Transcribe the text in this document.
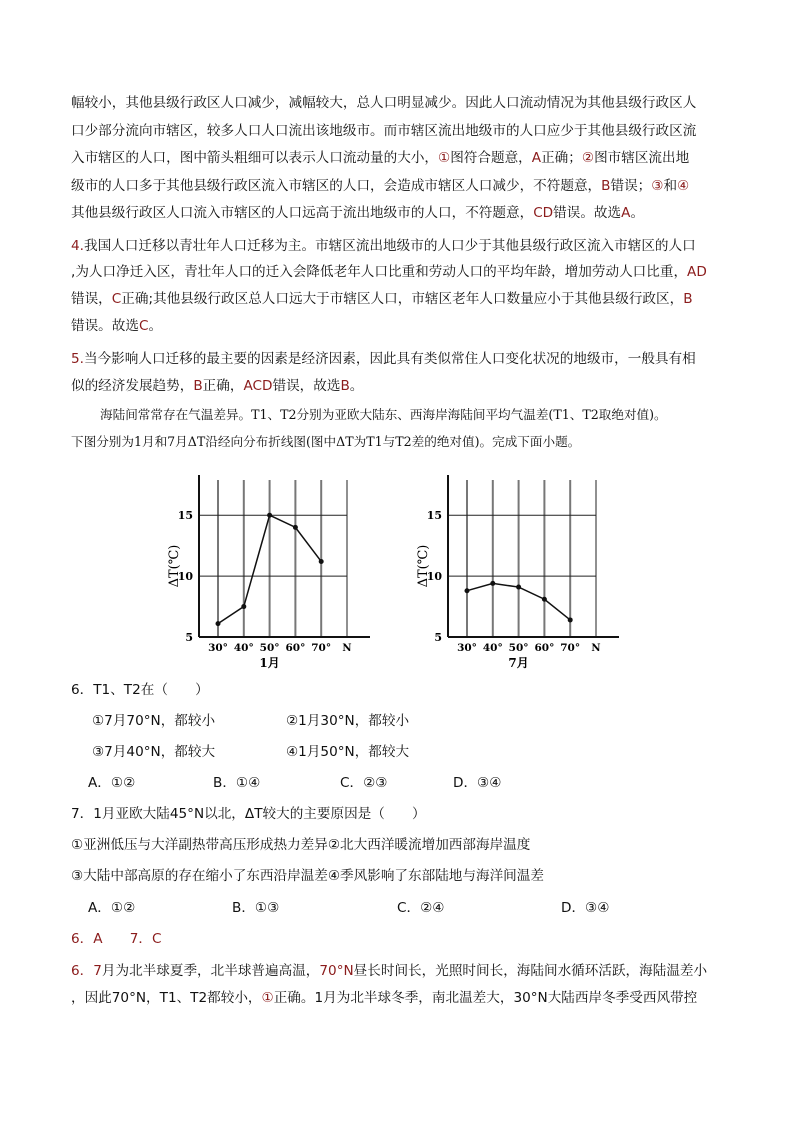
幅较小，其他县级行政区人口减少，减幅较大，总人口明显减少。因此人口流动情况为其他县级行政区人
口少部分流向市辖区，较多人口人口流出该地级市。而市辖区流出地级市的人口应少于其他县级行政区流
入市辖区的人口，图中箭头粗细可以表示人口流动量的大小，①图符合题意，A正确；②图市辖区流出地
级市的人口多于其他县级行政区流入市辖区的人口，会造成市辖区人口减少，不符题意，B错误；③和④
其他县级行政区人口流入市辖区的人口远高于流出地级市的人口，不符题意，CD错误。故选A。
4.我国人口迁移以青壮年人口迁移为主。市辖区流出地级市的人口少于其他县级行政区流入市辖区的人口
,为人口净迁入区，青壮年人口的迁入会降低老年人口比重和劳动人口的平均年龄，增加劳动人口比重，AD
错误，C正确;其他县级行政区总人口远大于市辖区人口，市辖区老年人口数量应小于其他县级行政区，B
错误。故选C。
5.当今影响人口迁移的最主要的因素是经济因素，因此具有类似常住人口变化状况的地级市，一般具有相
似的经济发展趋势，B正确，ACD错误，故选B。
海陆间常常存在气温差异。T1、T2分别为亚欧大陆东、西海岸海陆间平均气温差(T1、T2取绝对值)。
下图分别为1月和7月ΔT沿经向分布折线图(图中ΔT为T1与T2差的绝对值)。完成下面小题。
6．T1、T2在（　　）
①7月70°N，都较小	②1月30°N，都较小
③7月40°N，都较大	④1月50°N，都较大
A．①②	B．①④	C．②③	D．③④
7．1月亚欧大陆45°N以北，ΔT较大的主要原因是（　　）
①亚洲低压与大洋副热带高压形成热力差异②北大西洋暖流增加西部海岸温度
③大陆中部高原的存在缩小了东西沿岸温差④季风影响了东部陆地与海洋间温差
A．①②	B．①③	C．②④	D．③④
6．A　　7．C
6．7月为北半球夏季，北半球普遍高温，70°N昼长时间长，光照时间长，海陆间水循环活跃，海陆温差小
，因此70°N，T1、T2都较小，①正确。1月为北半球冬季，南北温差大，30°N大陆西岸冬季受西风带控
5
10
15
30° 40° 50° 60° 70° N
1月
ΔT(℃)
5
10
15
30° 40° 50° 60° 70° N
7月
ΔT(℃)
